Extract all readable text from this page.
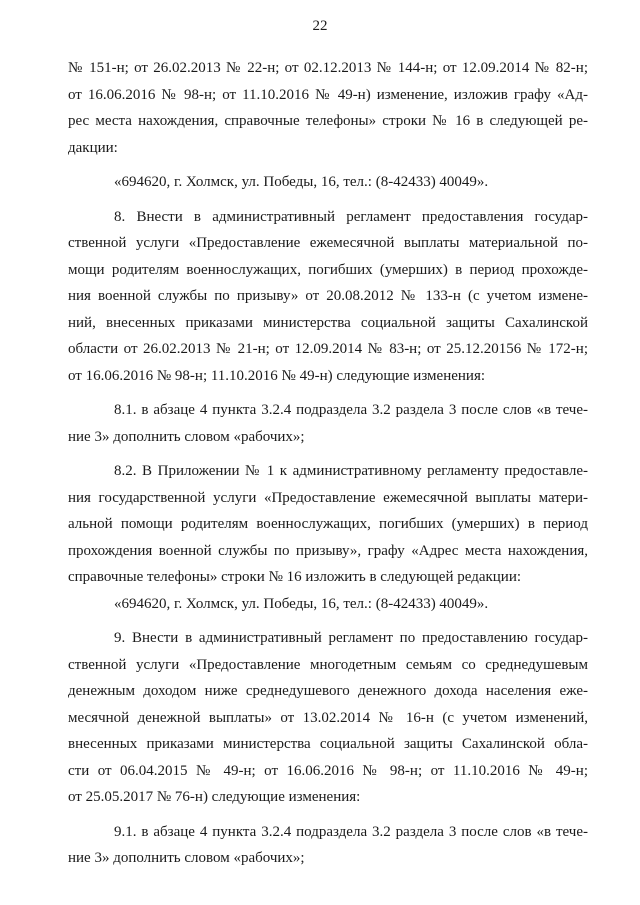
22
№ 151-н; от 26.02.2013 № 22-н; от 02.12.2013 № 144-н; от 12.09.2014 № 82-н;
от 16.06.2016 № 98-н; от 11.10.2016 № 49-н) изменение, изложив графу «Ад-
рес места нахождения, справочные телефоны» строки № 16 в следующей ре-
дакции:
«694620, г. Холмск, ул. Победы, 16, тел.: (8-42433) 40049».
8. Внести в административный регламент предоставления государ-
ственной услуги «Предоставление ежемесячной выплаты материальной по-
мощи родителям военнослужащих, погибших (умерших) в период прохожде-
ния военной службы по призыву» от 20.08.2012 № 133-н (с учетом измене-
ний, внесенных приказами министерства социальной защиты Сахалинской
области от 26.02.2013 № 21-н; от 12.09.2014 № 83-н; от 25.12.20156 № 172-н;
от 16.06.2016 № 98-н; 11.10.2016 № 49-н) следующие изменения:
8.1. в абзаце 4 пункта 3.2.4 подраздела 3.2 раздела 3 после слов «в тече-
ние 3» дополнить словом «рабочих»;
8.2. В Приложении № 1 к административному регламенту предоставле-
ния государственной услуги «Предоставление ежемесячной выплаты матери-
альной помощи родителям военнослужащих, погибших (умерших) в период
прохождения военной службы по призыву», графу «Адрес места нахождения,
справочные телефоны» строки № 16 изложить в следующей редакции:
«694620, г. Холмск, ул. Победы, 16, тел.: (8-42433) 40049».
9. Внести в административный регламент по предоставлению государ-
ственной услуги «Предоставление многодетным семьям со среднедушевым
денежным доходом ниже среднедушевого денежного дохода населения еже-
месячной денежной выплаты» от 13.02.2014 № 16-н (с учетом изменений,
внесенных приказами министерства социальной защиты Сахалинской обла-
сти от 06.04.2015 № 49-н; от 16.06.2016 № 98-н; от 11.10.2016 № 49-н;
от 25.05.2017 № 76-н) следующие изменения:
9.1. в абзаце 4 пункта 3.2.4 подраздела 3.2 раздела 3 после слов «в тече-
ние 3» дополнить словом «рабочих»;
